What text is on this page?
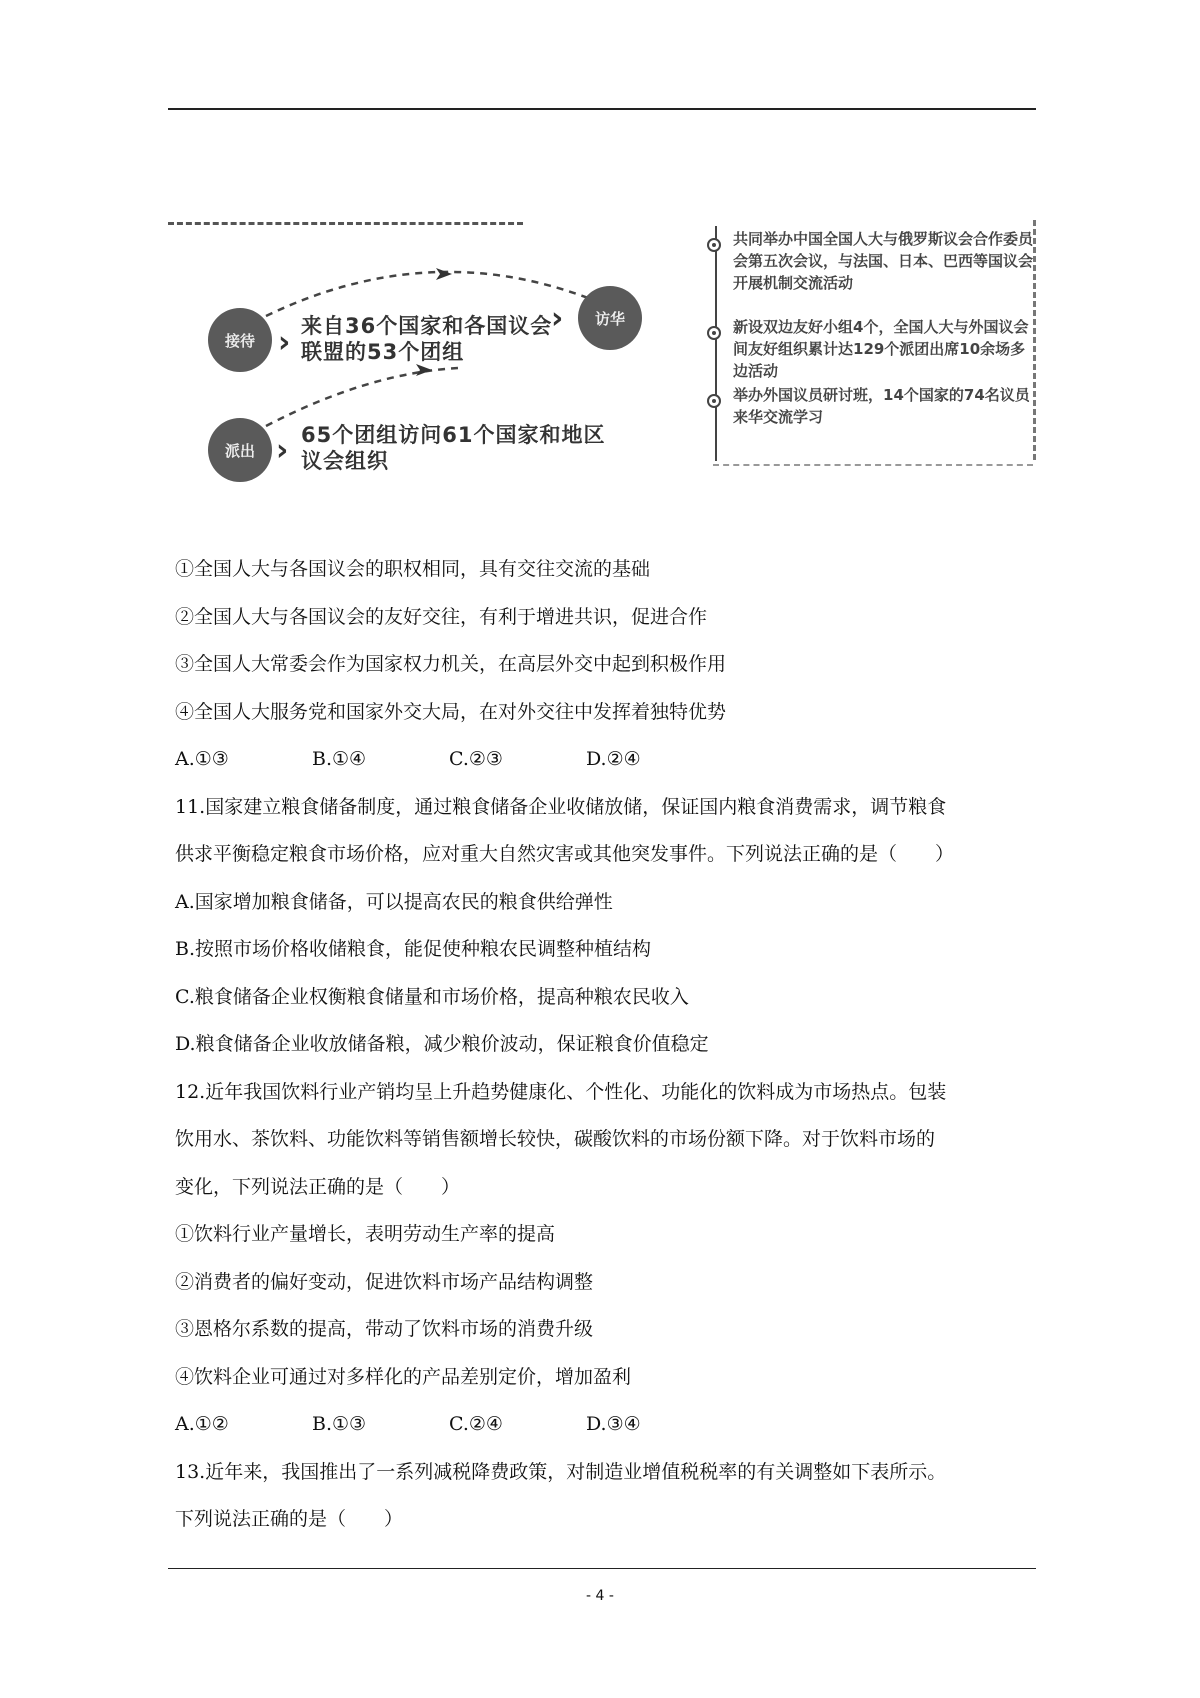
接待 › 来自36个国家和各国议会联盟的53个团组
›	访华
派出 › 65个团组访问61个国家和地区议会组织
共同举办中国全国人大与俄罗斯议会合作委员会第五次会议，与法国、日本、巴西等国议会开展机制交流活动
新设双边友好小组4个，全国人大与外国议会间友好组织累计达129个派团出席10余场多边活动
举办外国议员研讨班，14个国家的74名议员来华交流学习
①全国人大与各国议会的职权相同，具有交往交流的基础
②全国人大与各国议会的友好交往，有利于增进共识，促进合作
③全国人大常委会作为国家权力机关，在高层外交中起到积极作用
④全国人大服务党和国家外交大局，在对外交往中发挥着独特优势
A.①③	B.①④	C.②③	D.②④
11.国家建立粮食储备制度，通过粮食储备企业收储放储，保证国内粮食消费需求，调节粮食
供求平衡稳定粮食市场价格，应对重大自然灾害或其他突发事件。下列说法正确的是（　　）
A.国家增加粮食储备，可以提高农民的粮食供给弹性
B.按照市场价格收储粮食，能促使种粮农民调整种植结构
C.粮食储备企业权衡粮食储量和市场价格，提高种粮农民收入
D.粮食储备企业收放储备粮，减少粮价波动，保证粮食价值稳定
12.近年我国饮料行业产销均呈上升趋势健康化、个性化、功能化的饮料成为市场热点。包装
饮用水、茶饮料、功能饮料等销售额增长较快，碳酸饮料的市场份额下降。对于饮料市场的
变化，下列说法正确的是（　　）
①饮料行业产量增长，表明劳动生产率的提高
②消费者的偏好变动，促进饮料市场产品结构调整
③恩格尔系数的提高，带动了饮料市场的消费升级
④饮料企业可通过对多样化的产品差别定价，增加盈利
A.①②	B.①③	C.②④	D.③④
13.近年来，我国推出了一系列减税降费政策，对制造业增值税税率的有关调整如下表所示。
下列说法正确的是（　　）
- 4 -
